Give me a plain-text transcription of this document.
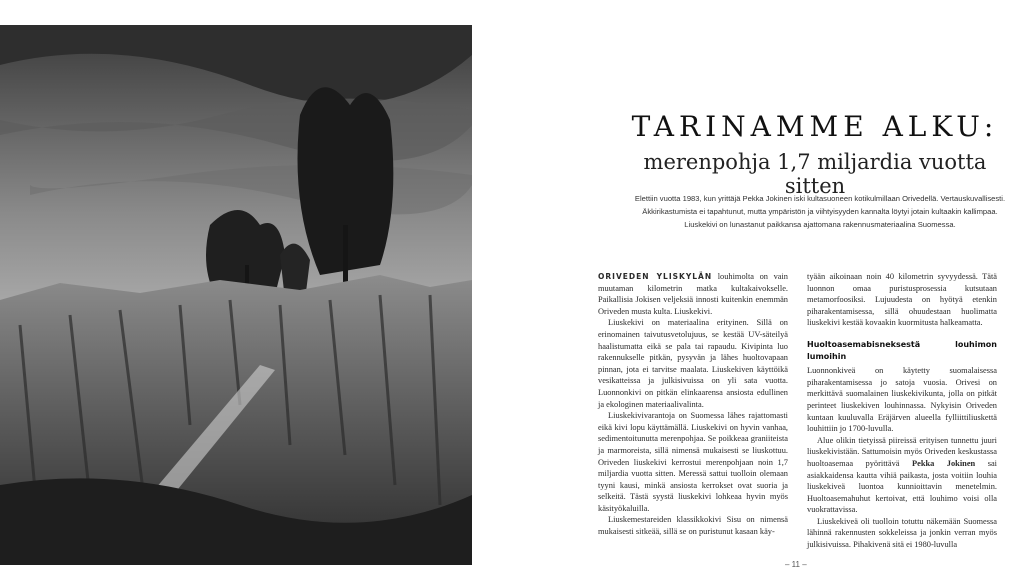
TARINAMME ALKU:
merenpohja 1,7 miljardia vuotta sitten
Elettiin vuotta 1983, kun yrittäjä Pekka Jokinen iski kultasuoneen kotikulmillaan Orivedellä. Vertauskuvallisesti. Äkkirikastumista ei tapahtunut, mutta ympäristön ja viihtyisyyden kannalta löytyi jotain kultaakin kallimpaa. Liuskekivi on lunastanut paikkansa ajattomana rakennusmateriaalina Suomessa.

ORIVEDEN YLISKYLÄN louhimolta on vain muutaman kilometrin matka kultakaivokselle. Paikallisia Jokisen veljeksiä innosti kuitenkin enemmän Oriveden musta kulta. Liuskekivi.

Liuskekivi on materiaalina erityinen. Sillä on erinomainen taivutusvetolujuus, se kestää UV-säteilyä haalistumatta eikä se pala tai rapaudu. Kivipinta luo rakennukselle pitkän, pysyvän ja lähes huoltovapaan pinnan, jota ei tarvitse maalata. Liuskekiven käyttöikä vesikatteissa ja julkisivuissa on yli sata vuotta. Luonnonkivi on pitkän elinkaarensa ansiosta edullinen ja ekologinen materiaalivalinta.

Liuskekivivarantoja on Suomessa lähes rajattomasti eikä kivi lopu käyttämällä. Liuskekivi on hyvin vanhaa, sedimentoitunutta merenpohjaa. Se poikkeaa graniiteista ja marmoreista, sillä nimensä mukaisesti se liuskottuu. Oriveden liuskekivi kerrostui merenpohjaan noin 1,7 miljardia vuotta sitten. Meressä sattui tuolloin olemaan tyyni kausi, minkä ansiosta kerrokset ovat suoria ja selkeitä. Tästä syystä liuskekivi lohkeaa hyvin myös käsityökaluilla.

Liuskemestareiden klassikkokivi Sisu on nimensä mukaisesti sitkeää, sillä se on puristunut kasaan käy-

tyään aikoinaan noin 40 kilometrin syvyydessä. Tätä luonnon omaa puristusprosessia kutsutaan metamorfoosiksi. Lujuudesta on hyötyä etenkin piharakentamisessa, sillä ohuudestaan huolimatta liuskekivi kestää kovaakin kuormitusta halkeamatta.

Huoltoasemabisneksestä louhimon lumoihin

Luonnonkiveä on käytetty suomalaisessa piharakentamisessa jo satoja vuosia. Orivesi on merkittävä suomalainen liuskekivikunta, jolla on pitkät perinteet liuskekiven louhinnassa. Nykyisin Oriveden kuntaan kuuluvalla Eräjärven alueella fylliittiliuskettä louhittiin jo 1700-luvulla.

Alue olikin tietyissä piireissä erityisen tunnettu juuri liuskekivistään. Sattumoisin myös Oriveden keskustassa huoltoasemaa pyörittävä Pekka Jokinen sai asiakkaidensa kautta vihiä paikasta, josta voitiin louhia liuskekiveä luontoa kunnioittavin menetelmin. Huoltoasemahuhut kertoivat, että louhimo voisi olla vuokrattavissa.

Liuskekiveä oli tuolloin totuttu näkemään Suomessa lähinnä rakennusten sokkeleissa ja jonkin verran myös julkisivuissa. Pihakivenä sitä ei 1980-luvulla

– 11 –
